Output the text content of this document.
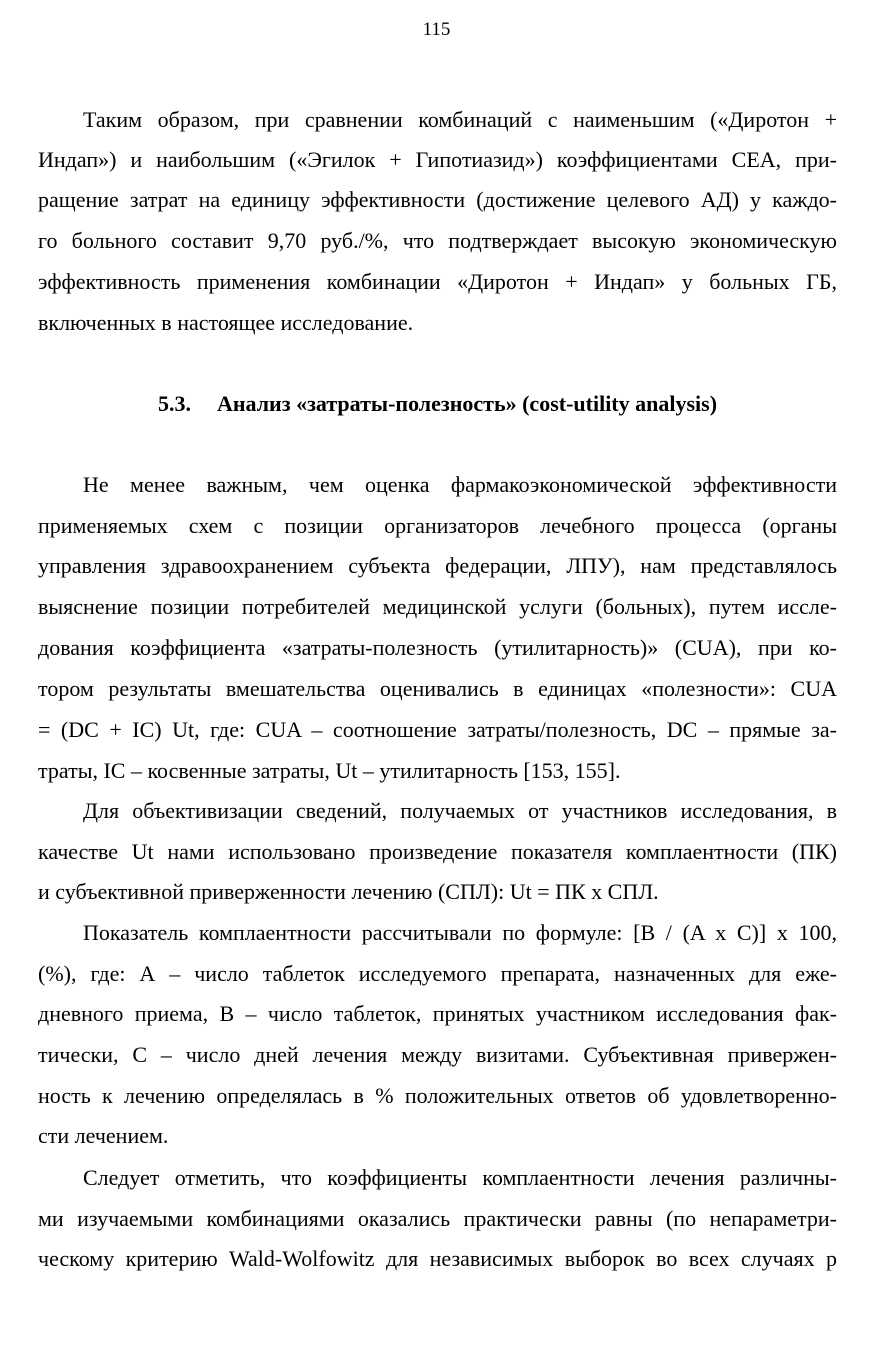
115
Таким образом, при сравнении комбинаций с наименьшим («Диротон +
Индап») и наибольшим («Эгилок + Гипотиазид») коэффициентами СЕА, при-
ращение затрат на единицу эффективности (достижение целевого АД) у каждо-
го больного составит 9,70 руб./%, что подтверждает высокую экономическую
эффективность применения комбинации «Диротон + Индап» у больных ГБ,
включенных в настоящее исследование.
5.3. Анализ «затраты-полезность» (cost-utility analysis)
Не менее важным, чем оценка фармакоэкономической эффективности
применяемых схем с позиции организаторов лечебного процесса (органы
управления здравоохранением субъекта федерации, ЛПУ), нам представлялось
выяснение позиции потребителей медицинской услуги (больных), путем иссле-
дования коэффициента «затраты-полезность (утилитарность)» (CUA), при ко-
тором результаты вмешательства оценивались в единицах «полезности»: CUA
= (DC + IC) Ut, где: CUA – соотношение затраты/полезность, DC – прямые за-
траты, IC – косвенные затраты, Ut – утилитарность [153, 155].
Для объективизации сведений, получаемых от участников исследования, в
качестве Ut нами использовано произведение показателя комплаентности (ПК)
и субъективной приверженности лечению (СПЛ): Ut = ПК х СПЛ.
Показатель комплаентности рассчитывали по формуле: [B / (A x C)] x 100,
(%), где: А – число таблеток исследуемого препарата, назначенных для еже-
дневного приема, В – число таблеток, принятых участником исследования фак-
тически, С – число дней лечения между визитами. Субъективная привержен-
ность к лечению определялась в % положительных ответов об удовлетворенно-
сти лечением.
Следует отметить, что коэффициенты комплаентности лечения различны-
ми изучаемыми комбинациями оказались практически равны (по непараметри-
ческому критерию Wald-Wolfowitz для независимых выборок во всех случаях p
